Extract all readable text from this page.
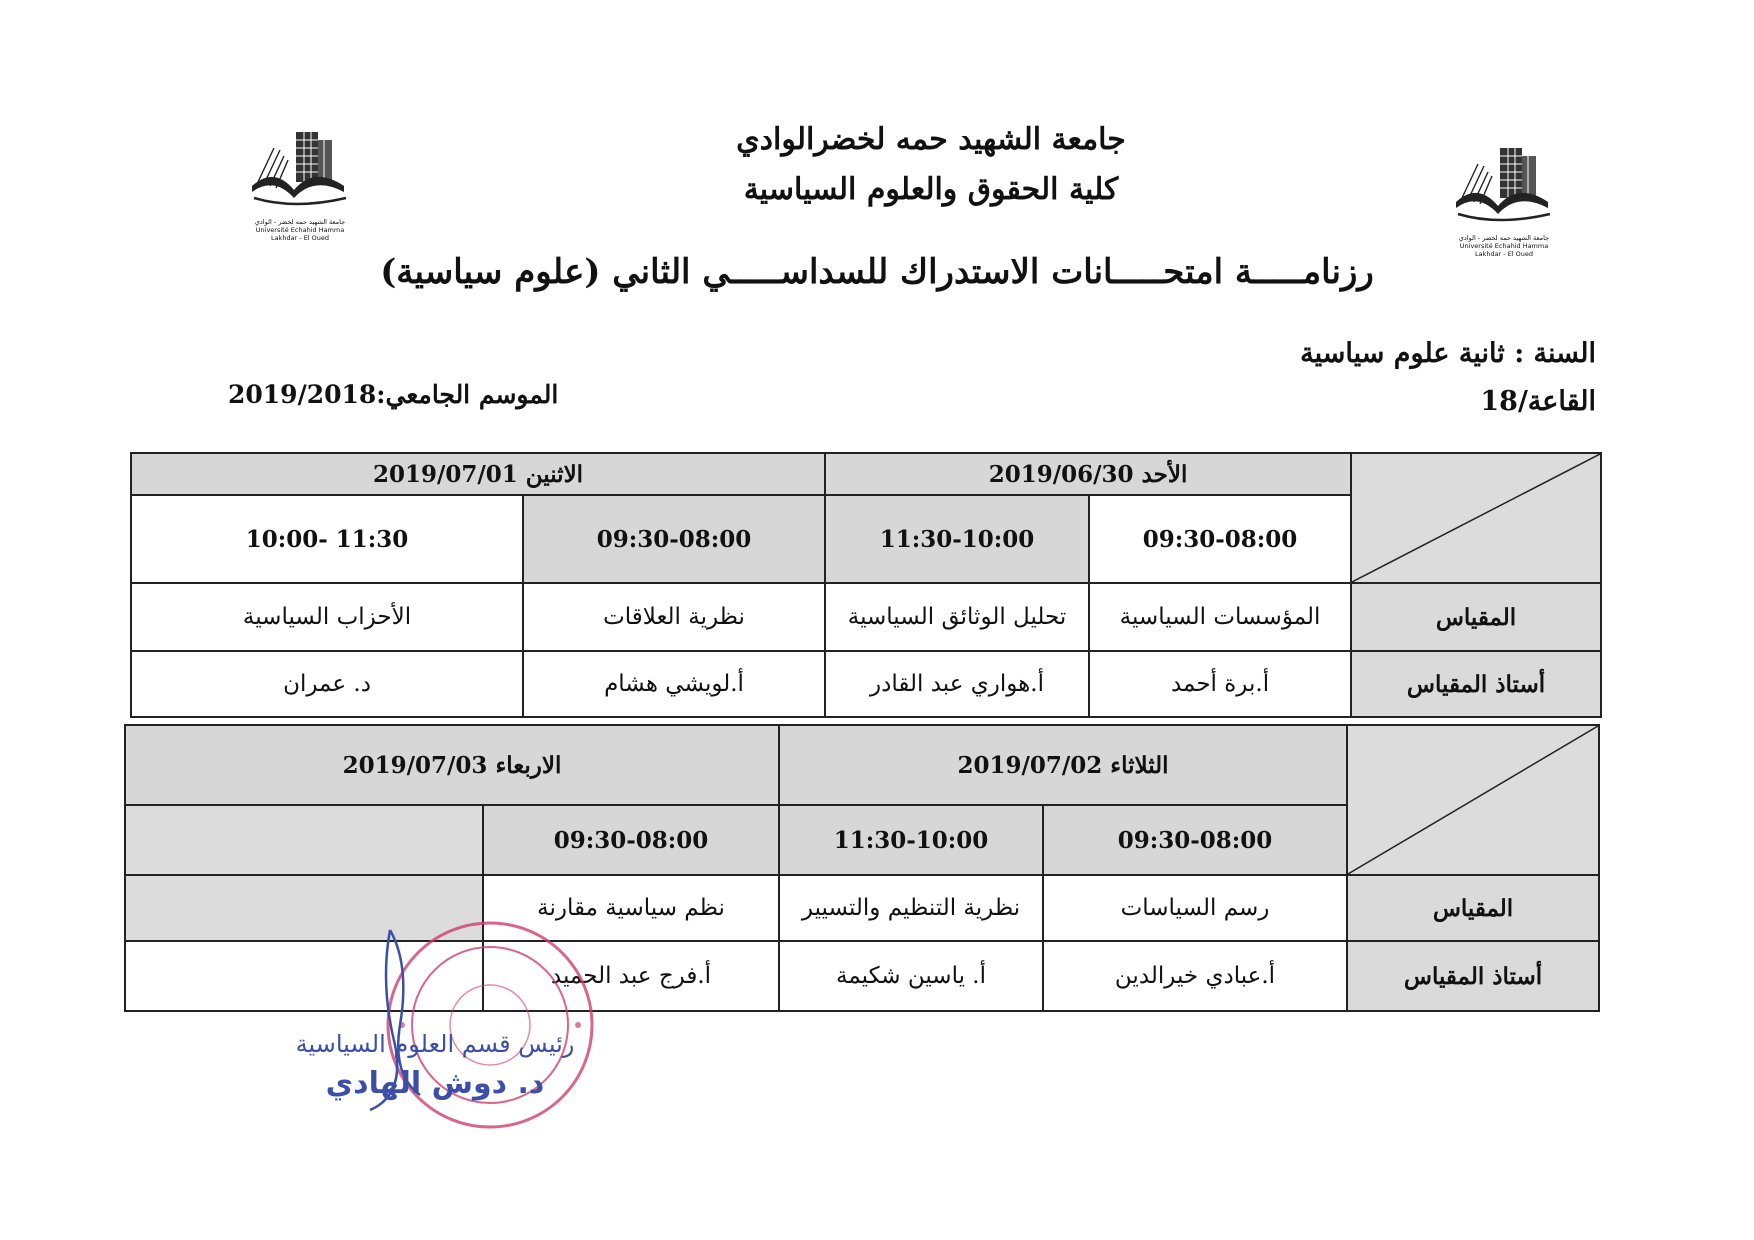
جامعة الشهيد حمه لخضر - الوادي
Université Echahid Hamma Lakhdar - El Oued	جامعة الشهيد حمه لخضر - الوادي
Université Echahid Hamma Lakhdar - El Oued
جامعة الشهيد حمه لخضرالوادي
كلية الحقوق والعلوم السياسية
رزنامـــــة امتحـــــانات الاستدراك للسداســـــي الثاني (علوم سياسية)
السنة : ثانية علوم سياسية
القاعة/18
الموسم الجامعي:2019/2018
	الأحد 2019/06/30		الاثنين 2019/07/01	
	09:30-08:00	11:30-10:00	09:30-08:00	11:30 -10:00
المقياس	المؤسسات السياسية	تحليل الوثائق السياسية	نظرية العلاقات	الأحزاب السياسية
أستاذ المقياس	أ.برة أحمد	أ.هواري عبد القادر	أ.لويشي هشام	د. عمران
	الثلاثاء 2019/07/02		الاربعاء 2019/07/03	
	09:30-08:00	11:30-10:00	09:30-08:00	
المقياس	رسم السياسات	نظرية التنظيم والتسيير	نظم سياسية مقارنة	
أستاذ المقياس	أ.عبادي خيرالدين	أ. ياسين شكيمة	أ.فرج عبد الحميد	
رئيس قسم العلوم السياسية
د. دوش الهادي
